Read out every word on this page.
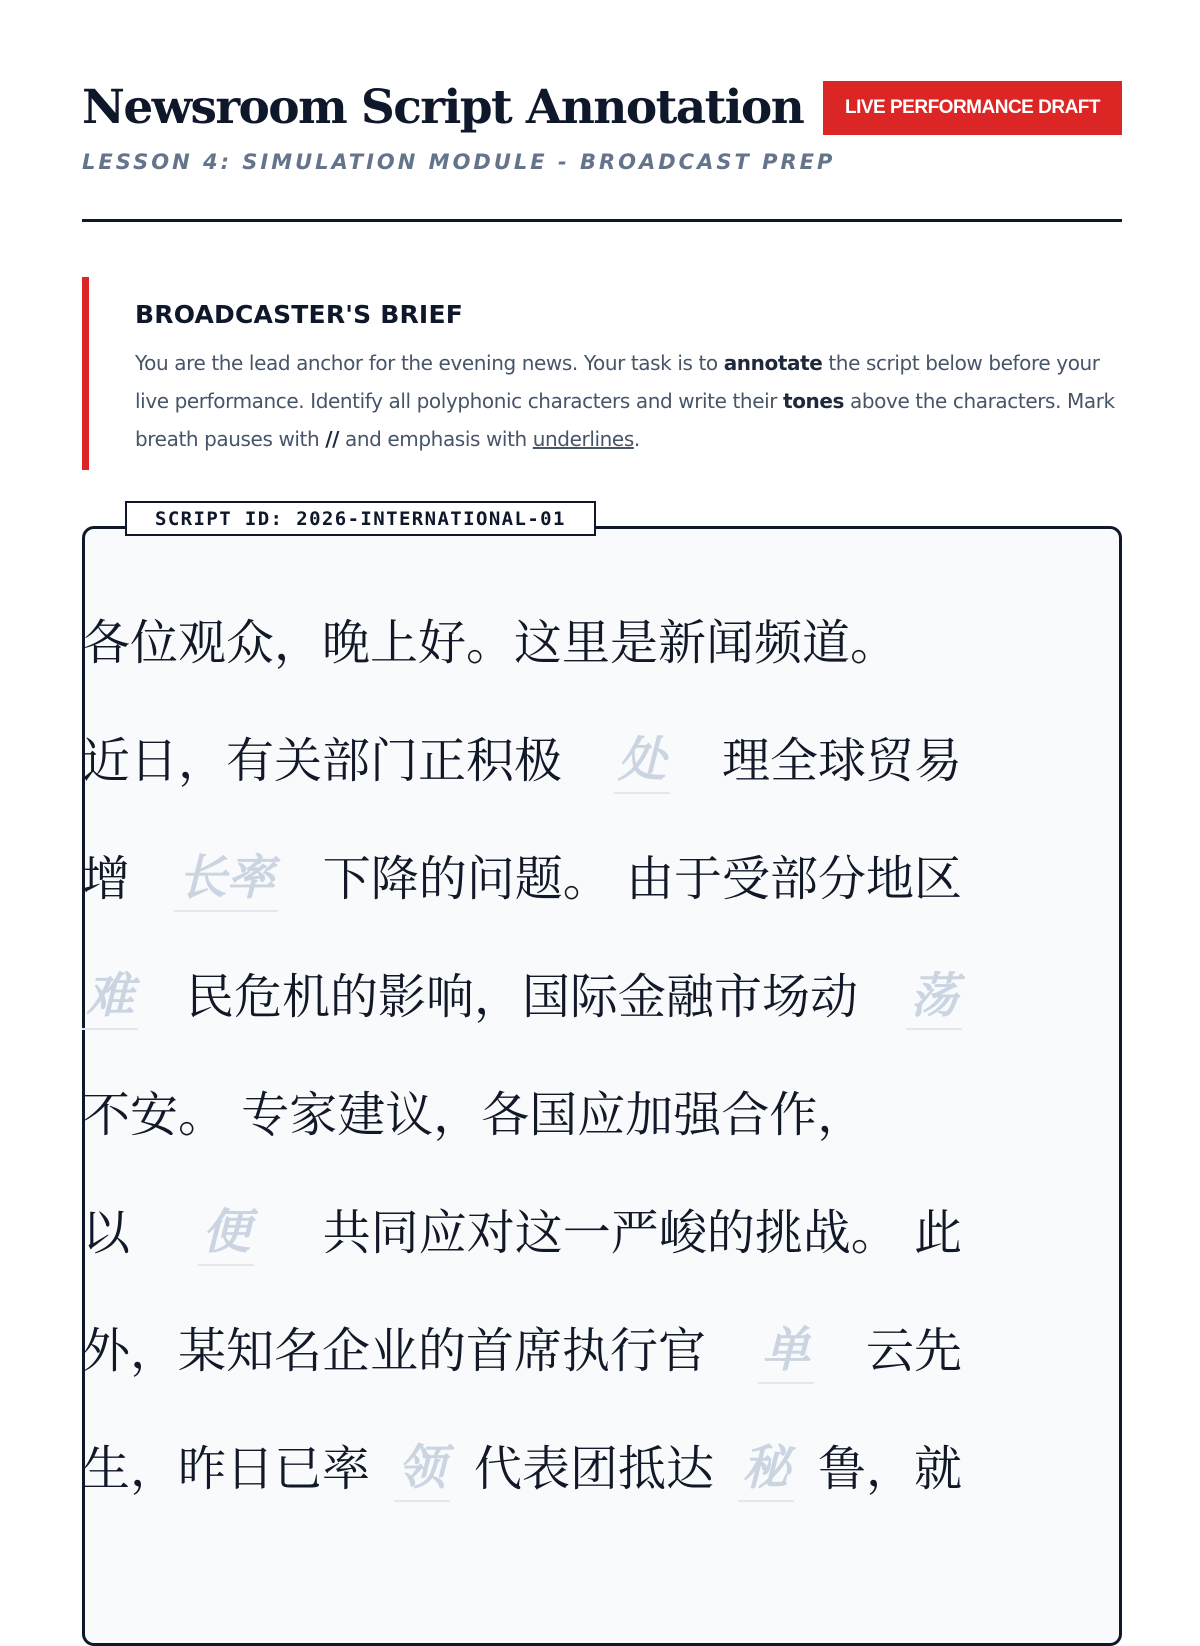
Newsroom Script Annotation

LESSON 4: SIMULATION MODULE - BROADCAST PREP

LIVE PERFORMANCE DRAFT
BROADCASTER'S BRIEF

You are the lead anchor for the evening news. Your task is to annotate the script below before your live performance. Identify all polyphonic characters and write their tones above the characters. Mark breath pauses with // and emphasis with underlines.

SCRIPT ID: 2026-INTERNATIONAL-01
各位观众，晚上好。这里是新闻频道。
近日，有关部门正积极 处 理全球贸易
增 长率 下降的问题。 由于受部分地区
难 民危机的影响，国际金融市场动 荡
不安。 专家建议，各国应加强合作，
以 便 共同应对这一严峻的挑战。 此
外，某知名企业的首席执行官 单 云先
生，昨日已率 领 代表团抵达 秘 鲁，就
